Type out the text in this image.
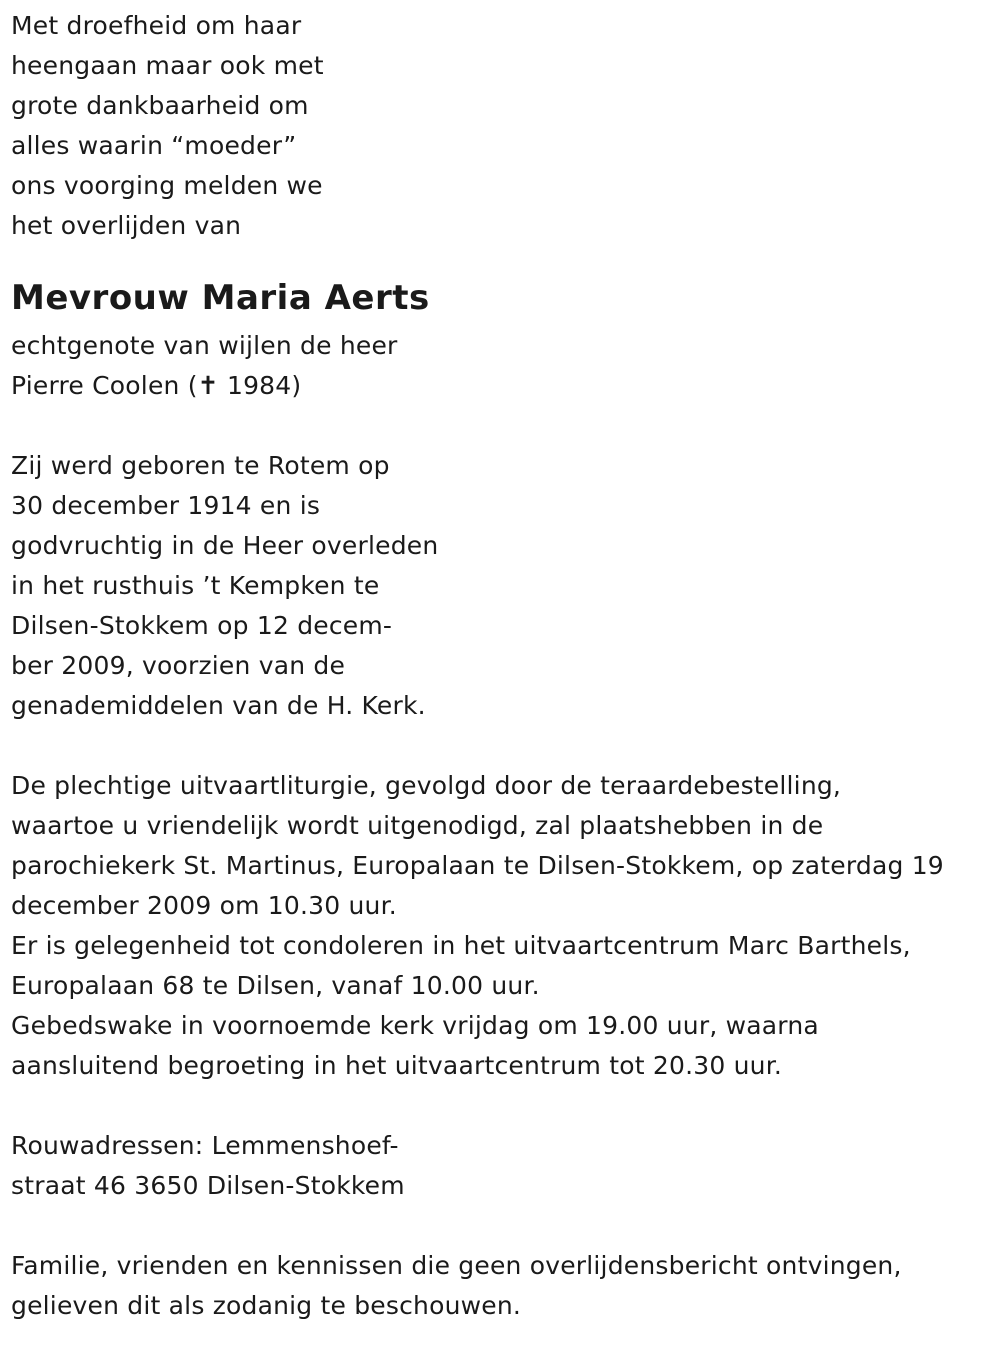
Met droefheid om haar
heengaan maar ook met
grote dankbaarheid om
alles waarin “moeder”
ons voorging melden we
het overlijden van
Mevrouw Maria Aerts
echtgenote van wijlen de heer
Pierre Coolen (✝ 1984)
Zij werd geboren te Rotem op
30 december 1914 en is
godvruchtig in de Heer overleden
in het rusthuis ’t Kempken te
Dilsen-Stokkem op 12 decem-
ber 2009, voorzien van de
genademiddelen van de H. Kerk.
De plechtige uitvaartliturgie, gevolgd door de teraardebestelling,
waartoe u vriendelijk wordt uitgenodigd, zal plaatshebben in de
parochiekerk St. Martinus, Europalaan te Dilsen-Stokkem, op zaterdag 19
december 2009 om 10.30 uur.
Er is gelegenheid tot condoleren in het uitvaartcentrum Marc Barthels,
Europalaan 68 te Dilsen, vanaf 10.00 uur.
Gebedswake in voornoemde kerk vrijdag om 19.00 uur, waarna
aansluitend begroeting in het uitvaartcentrum tot 20.30 uur.
Rouwadressen: Lemmenshoef-
straat 46 3650 Dilsen-Stokkem
Familie, vrienden en kennissen die geen overlijdensbericht ontvingen,
gelieven dit als zodanig te beschouwen.
